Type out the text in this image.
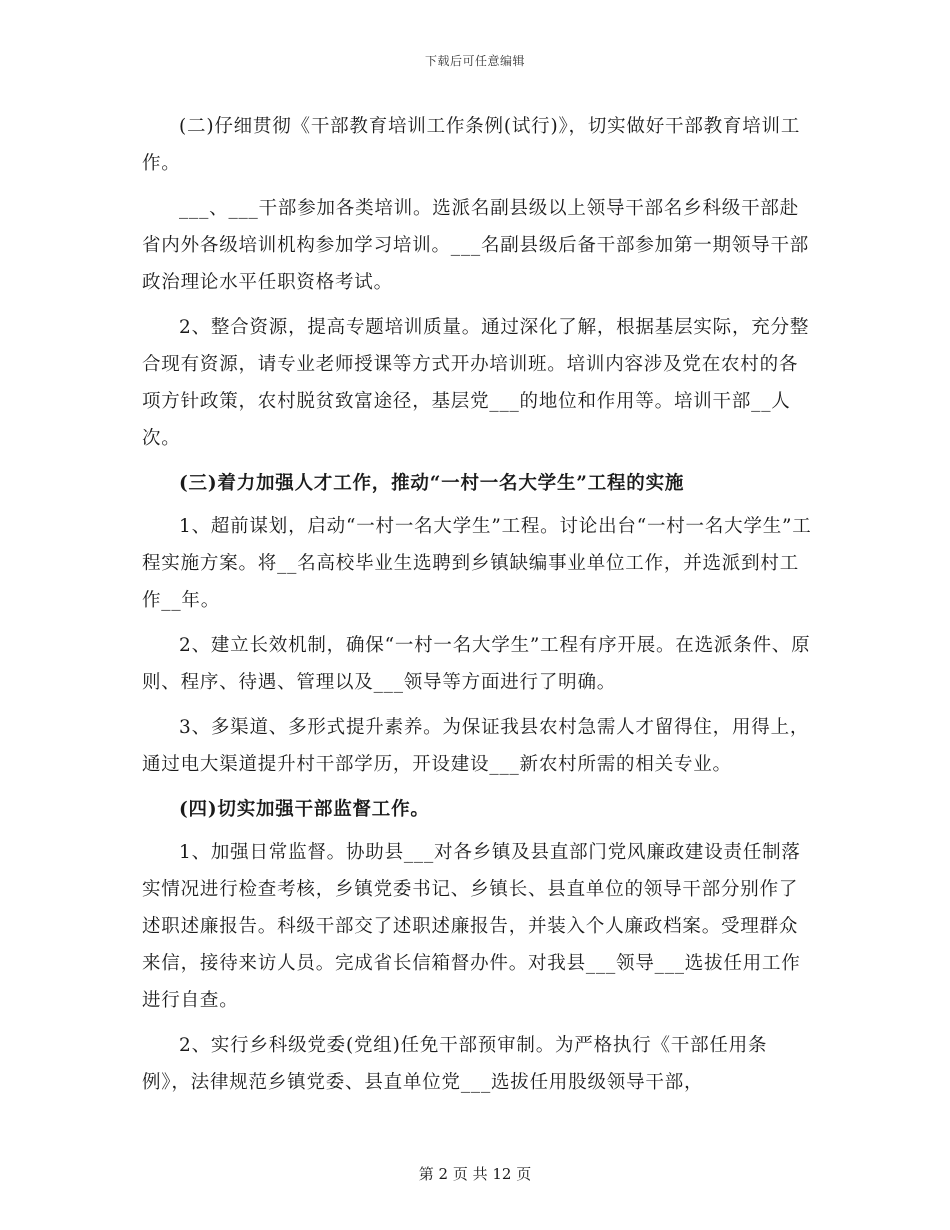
下载后可任意编辑

(二)仔细贯彻《干部教育培训工作条例(试行)》，切实做好干部教育培训工作。

___、___干部参加各类培训。选派名副县级以上领导干部名乡科级干部赴省内外各级培训机构参加学习培训。___名副县级后备干部参加第一期领导干部政治理论水平任职资格考试。

2、整合资源，提高专题培训质量。通过深化了解，根据基层实际，充分整合现有资源，请专业老师授课等方式开办培训班。培训内容涉及党在农村的各项方针政策，农村脱贫致富途径，基层党___的地位和作用等。培训干部__人次。

(三)着力加强人才工作，推动“一村一名大学生”工程的实施

1、超前谋划，启动“一村一名大学生”工程。讨论出台“一村一名大学生”工程实施方案。将__名高校毕业生选聘到乡镇缺编事业单位工作，并选派到村工作__年。

2、建立长效机制，确保“一村一名大学生”工程有序开展。在选派条件、原则、程序、待遇、管理以及___领导等方面进行了明确。

3、多渠道、多形式提升素养。为保证我县农村急需人才留得住，用得上，通过电大渠道提升村干部学历，开设建设___新农村所需的相关专业。

(四)切实加强干部监督工作。

1、加强日常监督。协助县___对各乡镇及县直部门党风廉政建设责任制落实情况进行检查考核，乡镇党委书记、乡镇长、县直单位的领导干部分别作了述职述廉报告。科级干部交了述职述廉报告，并装入个人廉政档案。受理群众来信，接待来访人员。完成省长信箱督办件。对我县___领导___选拔任用工作进行自查。

2、实行乡科级党委(党组)任免干部预审制。为严格执行《干部任用条例》，法律规范乡镇党委、县直单位党___选拔任用股级领导干部，

第 2 页 共 12 页
